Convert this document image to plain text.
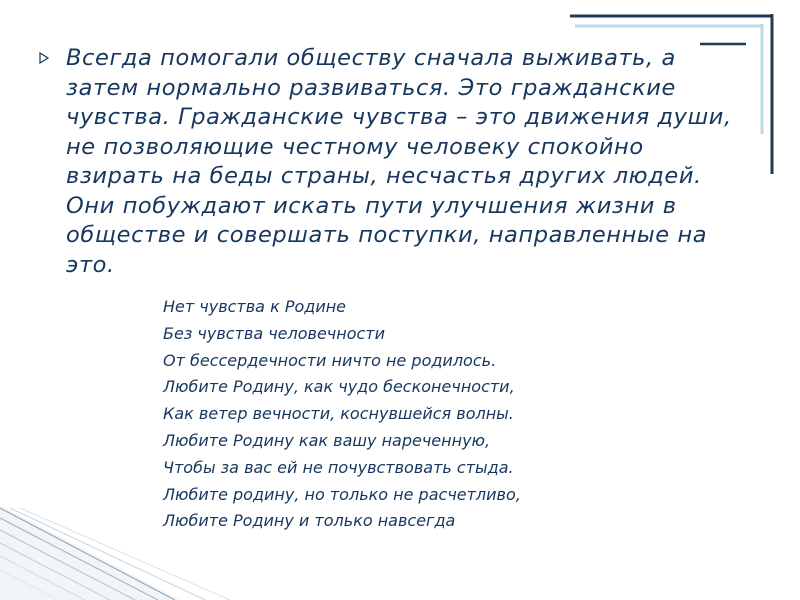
Всегда помогали обществу сначала выживать, а затем нормально развиваться. Это гражданские чувства. Гражданские чувства – это движения души, не позволяющие честному человеку спокойно взирать на беды страны, несчастья других людей. Они побуждают искать пути улучшения жизни в обществе и совершать поступки, направленные на это.

Нет чувства к Родине
Без чувства человечности
От бессердечности ничто не родилось.
Любите Родину, как чудо бесконечности,
Как ветер вечности, коснувшейся волны.
Любите Родину как вашу нареченную,
Чтобы за вас ей не почувствовать стыда.
Любите родину, но только не расчетливо,
Любите Родину и только навсегда
